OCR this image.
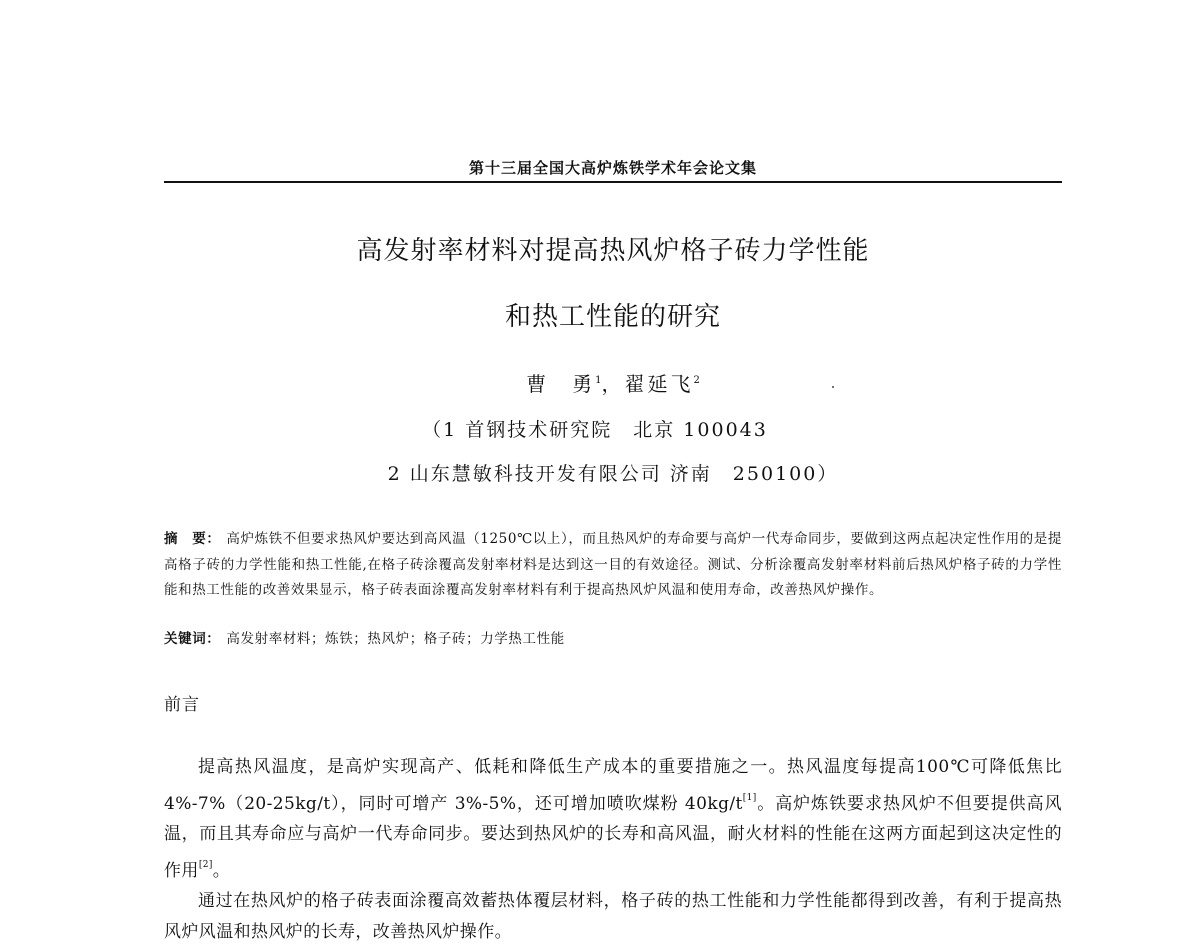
第十三届全国大高炉炼铁学术年会论文集
高发射率材料对提高热风炉格子砖力学性能
和热工性能的研究
曹　勇$^1$，翟延飞$^2$
（1 首钢技术研究院　北京 100043
2 山东慧敏科技开发有限公司 济南　250100）
摘　要： 高炉炼铁不但要求热风炉要达到高风温（1250℃以上），而且热风炉的寿命要与高炉一代寿命同步，要做到这两点起决定性作用的是提高格子砖的力学性能和热工性能,在格子砖涂覆高发射率材料是达到这一目的有效途径。测试、分析涂覆高发射率材料前后热风炉格子砖的力学性能和热工性能的改善效果显示，格子砖表面涂覆高发射率材料有利于提高热风炉风温和使用寿命，改善热风炉操作。
关键词： 高发射率材料；炼铁；热风炉；格子砖；力学热工性能
前言

提高热风温度，是高炉实现高产、低耗和降低生产成本的重要措施之一。热风温度每提高100℃可降低焦比 4%-7%（20-25kg/t），同时可增产 3%-5%，还可增加喷吹煤粉 40kg/t[1]。高炉炼铁要求热风炉不但要提供高风温，而且其寿命应与高炉一代寿命同步。要达到热风炉的长寿和高风温，耐火材料的性能在这两方面起到这决定性的作用[2]。

通过在热风炉的格子砖表面涂覆高效蓄热体覆层材料，格子砖的热工性能和力学性能都得到改善，有利于提高热风炉风温和热风炉的长寿，改善热风炉操作。
